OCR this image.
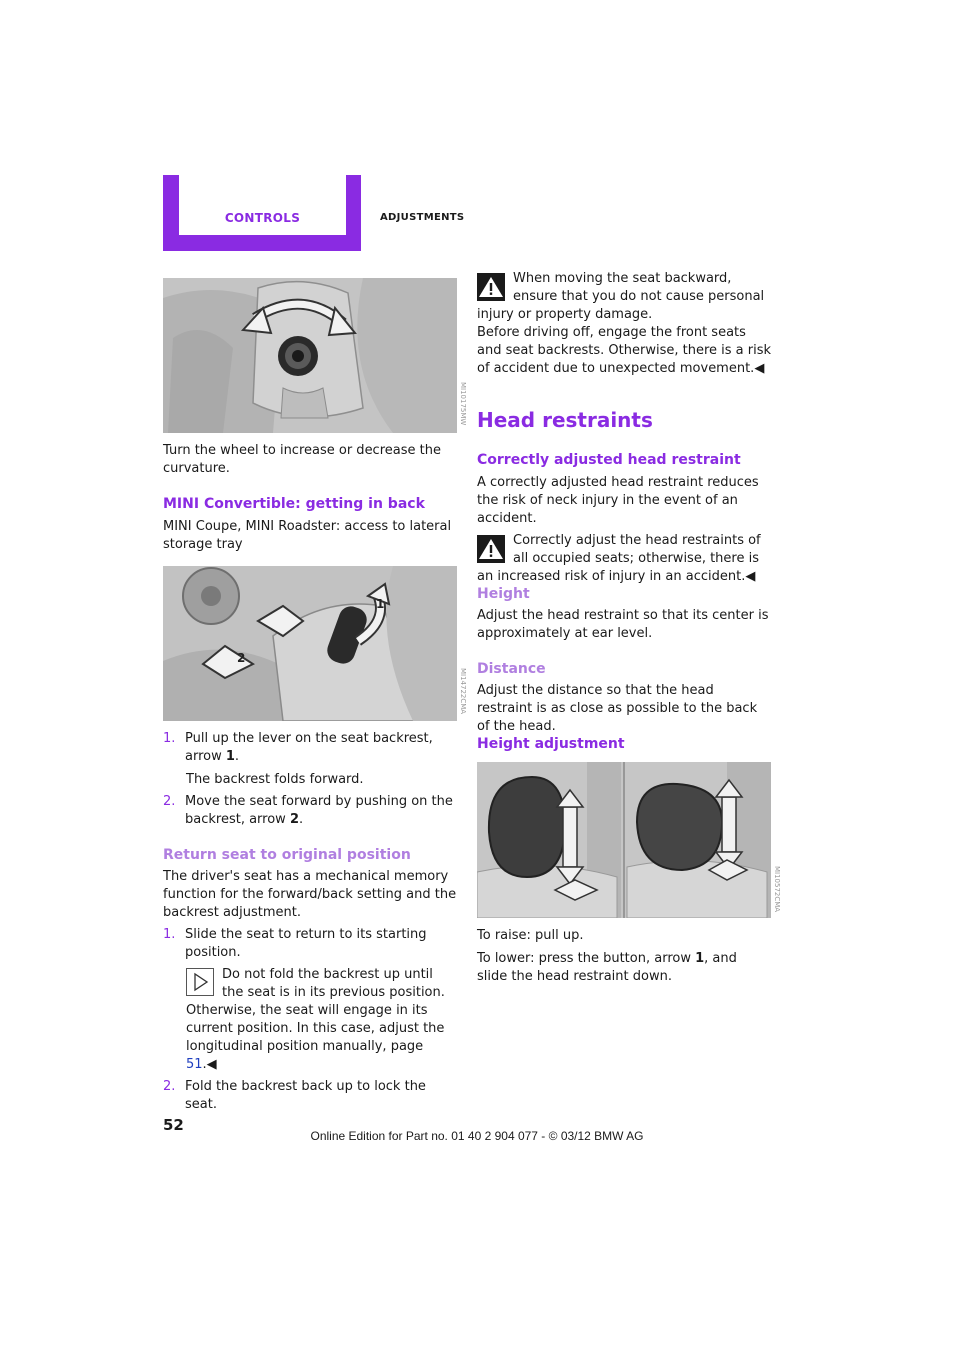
CONTROLS	ADJUSTMENTS
MI10175MW

Turn the wheel to increase or decrease the curvature.

MINI Convertible: getting in back

MINI Coupe, MINI Roadster: access to lateral storage tray

1
2
MI14722CMA
1. Pull up the lever on the seat backrest, arrow 1.
The backrest folds forward.
2. Move the seat forward by pushing on the backrest, arrow 2.
Return seat to original position

The driver's seat has a mechanical memory function for the forward/back setting and the backrest adjustment.

1. Slide the seat to return to its starting position.
Do not fold the backrest up until the seat is in its previous position. Otherwise, the seat will engage in its current position. In this case, adjust the longitudinal position manually, page 51.◀
2. Fold the backrest back up to lock the seat.

When moving the seat backward, ensure that you do not cause personal injury or property damage.

Before driving off, engage the front seats and seat backrests. Otherwise, there is a risk of accident due to unexpected movement.◀

Head restraints
Correctly adjusted head restraint

A correctly adjusted head restraint reduces the risk of neck injury in the event of an accident.

Correctly adjust the head restraints of all occupied seats; otherwise, there is an increased risk of injury in an accident.◀

Height

Adjust the head restraint so that its center is approximately at ear level.

Distance

Adjust the distance so that the head restraint is as close as possible to the back of the head.

Height adjustment
MI10572CMA

To raise: pull up.

To lower: press the button, arrow 1, and slide the head restraint down.

52
Online Edition for Part no. 01 40 2 904 077 - © 03/12 BMW AG
